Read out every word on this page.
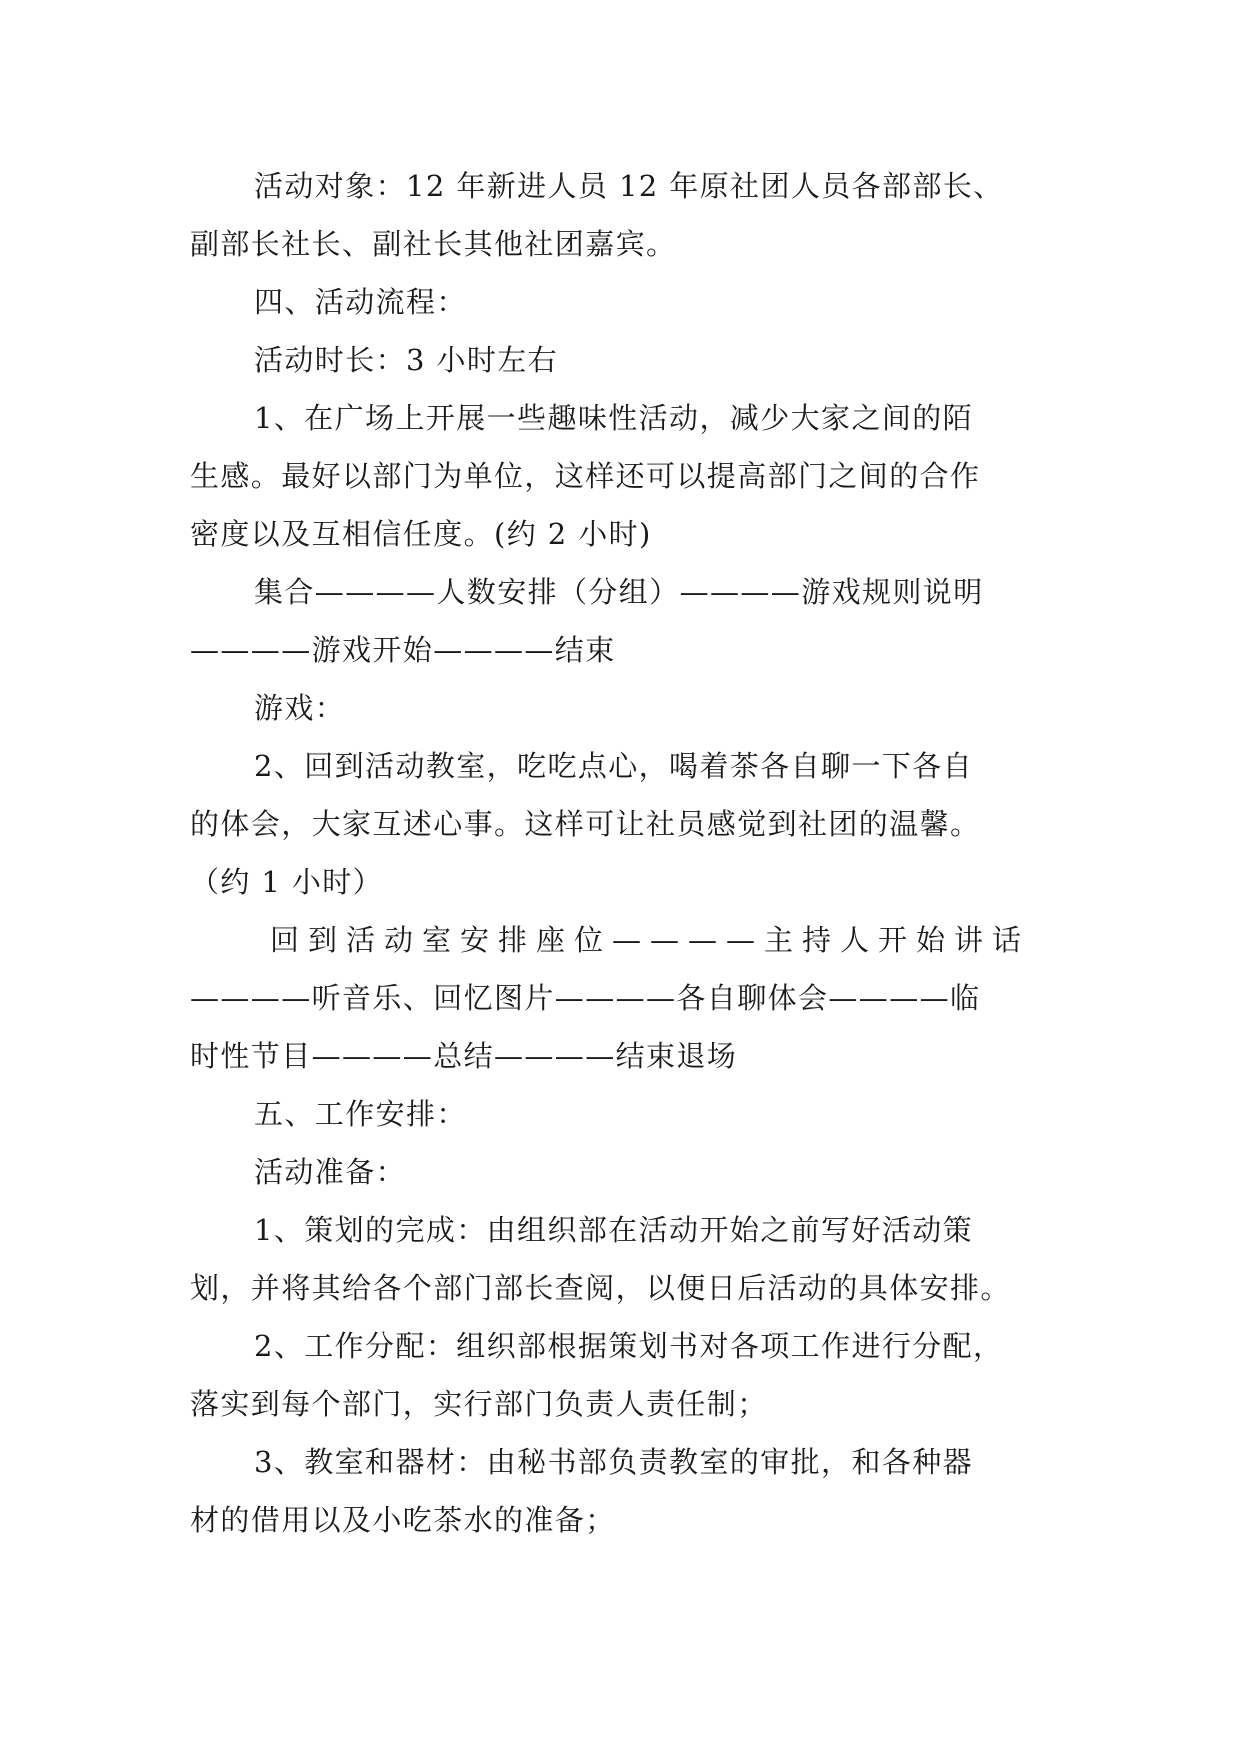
活动对象：12 年新进人员 12 年原社团人员各部部长、
副部长社长、副社长其他社团嘉宾。
四、活动流程：
活动时长：3 小时左右
1、在广场上开展一些趣味性活动，减少大家之间的陌
生感。最好以部门为单位，这样还可以提高部门之间的合作
密度以及互相信任度。(约 2 小时)
集合————人数安排（分组）————游戏规则说明
————游戏开始————结束
游戏：
2、回到活动教室，吃吃点心，喝着茶各自聊一下各自
的体会，大家互述心事。这样可让社员感觉到社团的温馨。
（约 1 小时）
回到活动室安排座位————主持人开始讲话
————听音乐、回忆图片————各自聊体会————临
时性节目————总结————结束退场
五、工作安排：
活动准备：
1、策划的完成：由组织部在活动开始之前写好活动策
划，并将其给各个部门部长查阅，以便日后活动的具体安排。
2、工作分配：组织部根据策划书对各项工作进行分配，
落实到每个部门，实行部门负责人责任制；
3、教室和器材：由秘书部负责教室的审批，和各种器
材的借用以及小吃茶水的准备；
